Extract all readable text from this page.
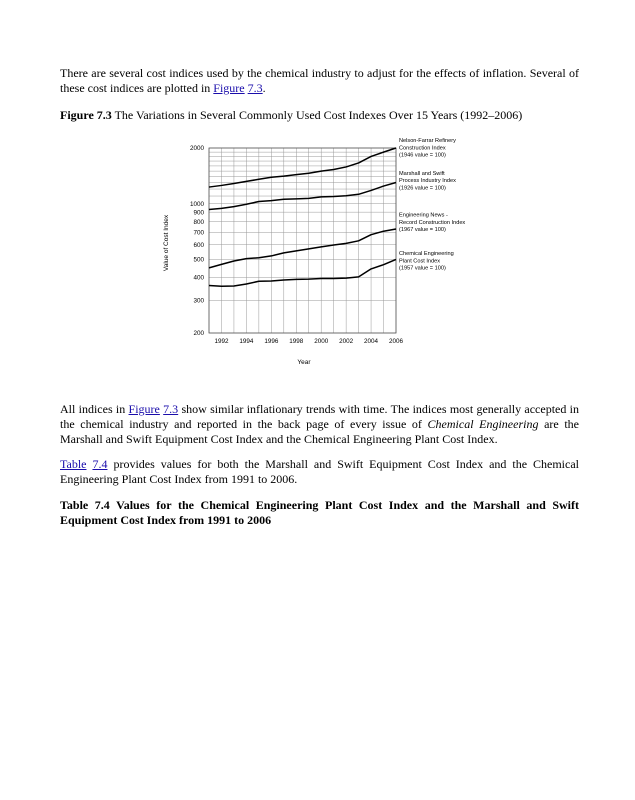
There are several cost indices used by the chemical industry to adjust for the effects of inflation. Several of these cost indices are plotted in Figure 7.3.

Figure 7.3 The Variations in Several Commonly Used Cost Indexes Over 15 Years (1992–2006)

200
300
400
500
600
700
800
900
1000
2000
1992 1994 1996 1998 2000 2002 2004 2006
Nelson-Farrar Refinery
Construction Index
(1946 value = 100)
Marshall and Swift
Process Industry Index
(1926 value = 100)
Engineering News -
Record Construction Index
(1967 value = 100)
Chemical Engineering
Plant Cost Index
(1957 value = 100)
Year
Value of Cost Index

All indices in Figure 7.3 show similar inflationary trends with time. The indices most generally accepted in the chemical industry and reported in the back page of every issue of Chemical Engineering are the Marshall and Swift Equipment Cost Index and the Chemical Engineering Plant Cost Index.

Table 7.4 provides values for both the Marshall and Swift Equipment Cost Index and the Chemical Engineering Plant Cost Index from 1991 to 2006.

Table 7.4 Values for the Chemical Engineering Plant Cost Index and the Marshall and Swift Equipment Cost Index from 1991 to 2006
